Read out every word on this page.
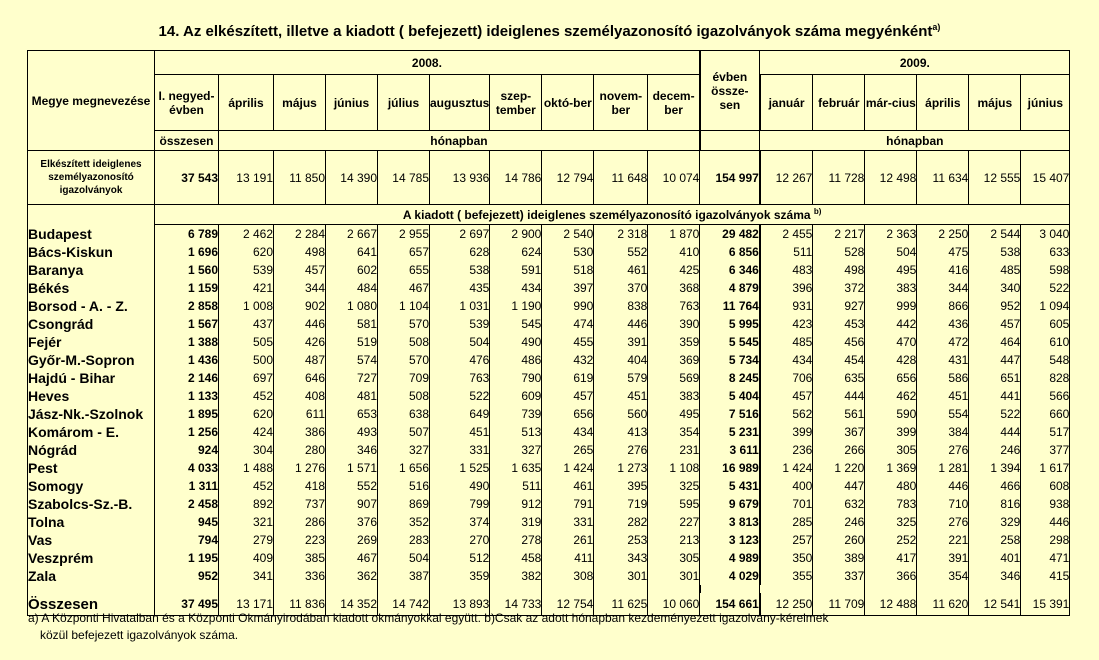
14. Az elkészített, illetve a kiadott ( befejezett) ideiglenes személyazonosító igazolványok száma megyénként$^{a)}$
Megye megnevezése	2008.										évben össze-sen	2009.					
	I. negyed-évben	április	május	június	július	augusztus	szep-tember	októ-ber	novem-ber	decem-ber		január	február	már-cius	április	május	június
	összesen	hónapban										hónapban					
Elkészített ideiglenes személyazonosító igazolványok	37 543	13 191	11 850	14 390	14 785	13 936	14 786	12 794	11 648	10 074	154 997	12 267	11 728	12 498	11 634	12 555	15 407
	A kiadott ( befejezett) ideiglenes személyazonosító igazolványok száma $^{b)}$
Budapest	6 789	2 462	2 284	2 667	2 955	2 697	2 900	2 540	2 318	1 870	29 482	2 455	2 217	2 363	2 250	2 544	3 040
Bács-Kiskun	1 696	620	498	641	657	628	624	530	552	410	6 856	511	528	504	475	538	633
Baranya	1 560	539	457	602	655	538	591	518	461	425	6 346	483	498	495	416	485	598
Békés	1 159	421	344	484	467	435	434	397	370	368	4 879	396	372	383	344	340	522
Borsod - A. - Z.	2 858	1 008	902	1 080	1 104	1 031	1 190	990	838	763	11 764	931	927	999	866	952	1 094
Csongrád	1 567	437	446	581	570	539	545	474	446	390	5 995	423	453	442	436	457	605
Fejér	1 388	505	426	519	508	504	490	455	391	359	5 545	485	456	470	472	464	610
Győr-M.-Sopron	1 436	500	487	574	570	476	486	432	404	369	5 734	434	454	428	431	447	548
Hajdú - Bihar	2 146	697	646	727	709	763	790	619	579	569	8 245	706	635	656	586	651	828
Heves	1 133	452	408	481	508	522	609	457	451	383	5 404	457	444	462	451	441	566
Jász-Nk.-Szolnok	1 895	620	611	653	638	649	739	656	560	495	7 516	562	561	590	554	522	660
Komárom - E.	1 256	424	386	493	507	451	513	434	413	354	5 231	399	367	399	384	444	517
Nógrád	924	304	280	346	327	331	327	265	276	231	3 611	236	266	305	276	246	377
Pest	4 033	1 488	1 276	1 571	1 656	1 525	1 635	1 424	1 273	1 108	16 989	1 424	1 220	1 369	1 281	1 394	1 617
Somogy	1 311	452	418	552	516	490	511	461	395	325	5 431	400	447	480	446	466	608
Szabolcs-Sz.-B.	2 458	892	737	907	869	799	912	791	719	595	9 679	701	632	783	710	816	938
Tolna	945	321	286	376	352	374	319	331	282	227	3 813	285	246	325	276	329	446
Vas	794	279	223	269	283	270	278	261	253	213	3 123	257	260	252	221	258	298
Veszprém	1 195	409	385	467	504	512	458	411	343	305	4 989	350	389	417	391	401	471
Zala	952	341	336	362	387	359	382	308	301	301	4 029	355	337	366	354	346	415

Összesen	37 495	13 171	11 836	14 352	14 742	13 893	14 733	12 754	11 625	10 060	154 661	12 250	11 709	12 488	11 620	12 541	15 391
a) A Központi Hivatalban és a Központi Okmányirodában kiadott okmányokkal együtt. b)Csak az adott hónapban kezdeményezett igazolvány-kérelmek
közül befejezett igazolványok száma.
